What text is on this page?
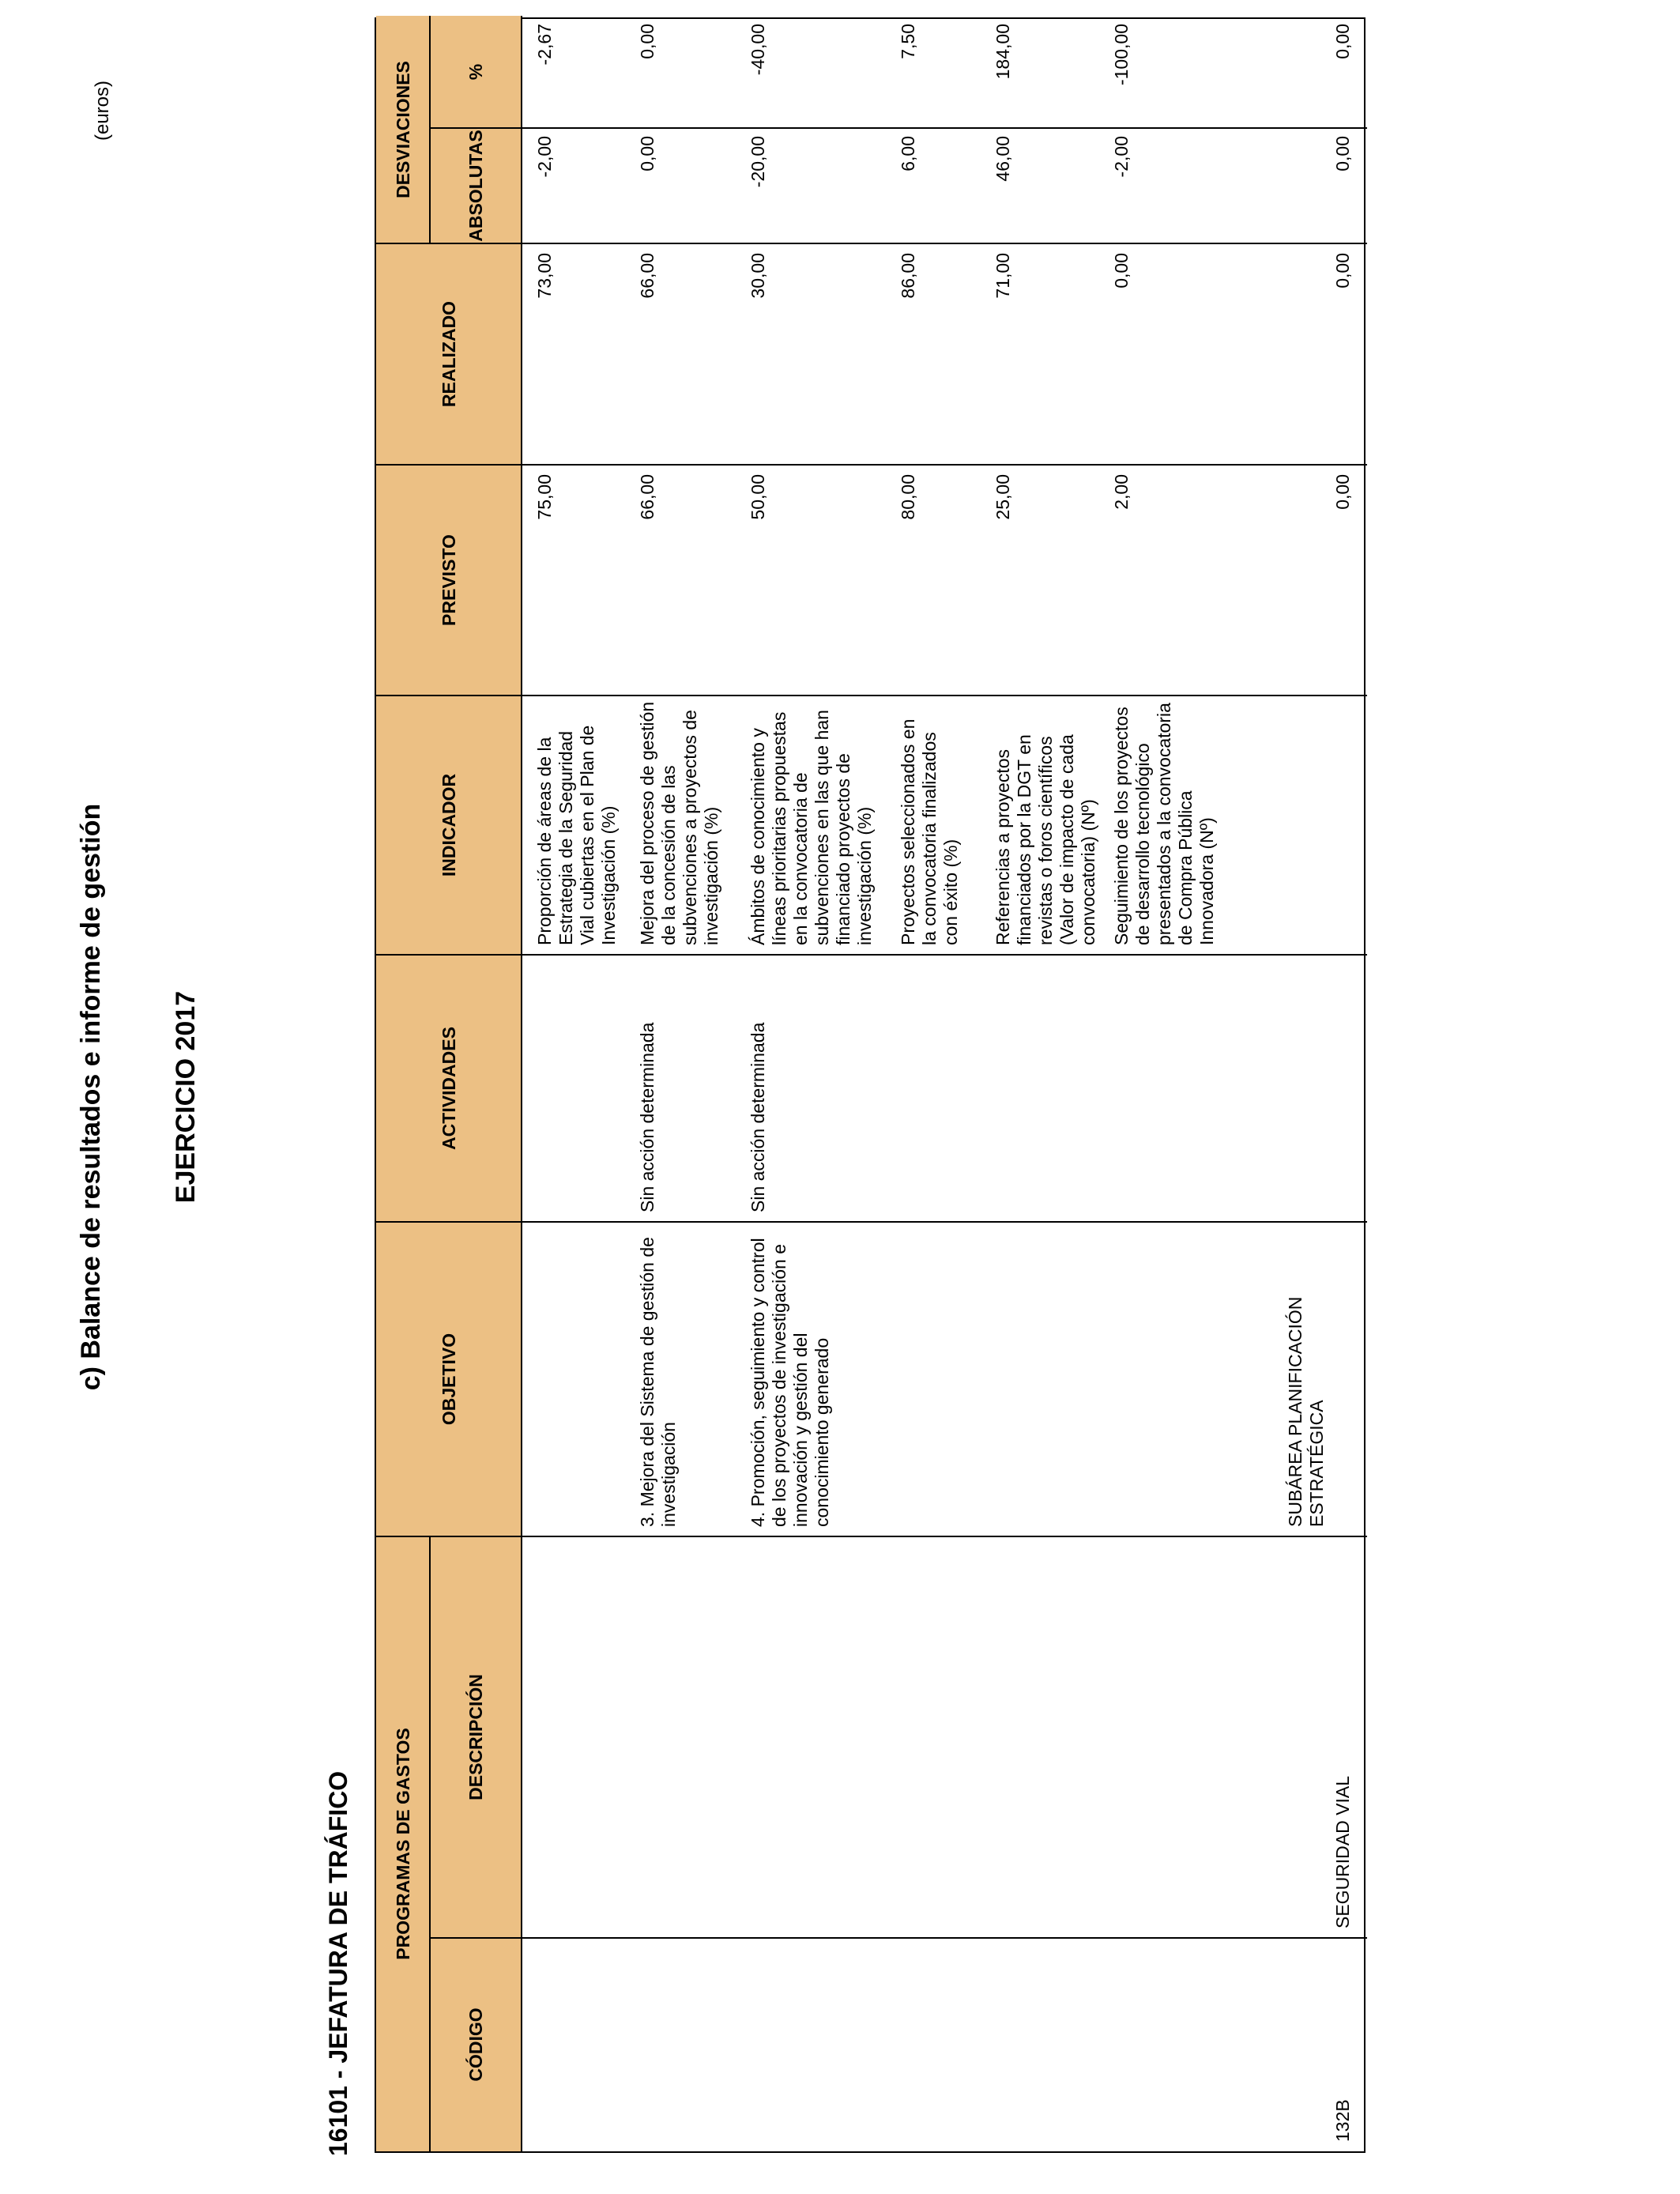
c) Balance de resultados e informe de gestión EJERCICIO 2017
16101 - JEFATURA DE TRÁFICO
(euros)
PROGRAMAS DE GASTOS
CÓDIGO
DESCRIPCIÓN
OBJETIVO
ACTIVIDADES
INDICADOR
PREVISTO
REALIZADO
DESVIACIONES	ABSOLUTAS
%
Proporción de áreas de la Estrategia de la Seguridad Vial cubiertas en el Plan de Investigación (%)
75,00
73,00
-2,00
-2,67
3. Mejora del Sistema de gestión de investigación
Sin acción determinada
Mejora del proceso de gestión de la concesión de las subvenciones a proyectos de investigación (%)
66,00
66,00
0,00
0,00
4. Promoción, seguimiento y control de los proyectos de investigación e innovación y gestión del conocimiento generado
Sin acción determinada
Ámbitos de conocimiento y líneas prioritarias propuestas en la convocatoria de subvenciones en las que han financiado proyectos de investigación (%)
50,00
30,00
-20,00
-40,00
Proyectos seleccionados en la convocatoria finalizados con éxito (%)
80,00
86,00
6,00
7,50
Referencias a proyectos financiados por la DGT en revistas o foros científicos (Valor de impacto de cada convocatoria) (Nº)
25,00
71,00
46,00
184,00
Seguimiento de los proyectos de desarrollo tecnológico presentados a la convocatoria de Compra Pública Innovadora (Nº)
2,00
0,00
-2,00
-100,00
132B
SEGURIDAD VIAL
SUBÁREA PLANIFICACIÓN ESTRATÉGICA
0,00
0,00
0,00
0,00
